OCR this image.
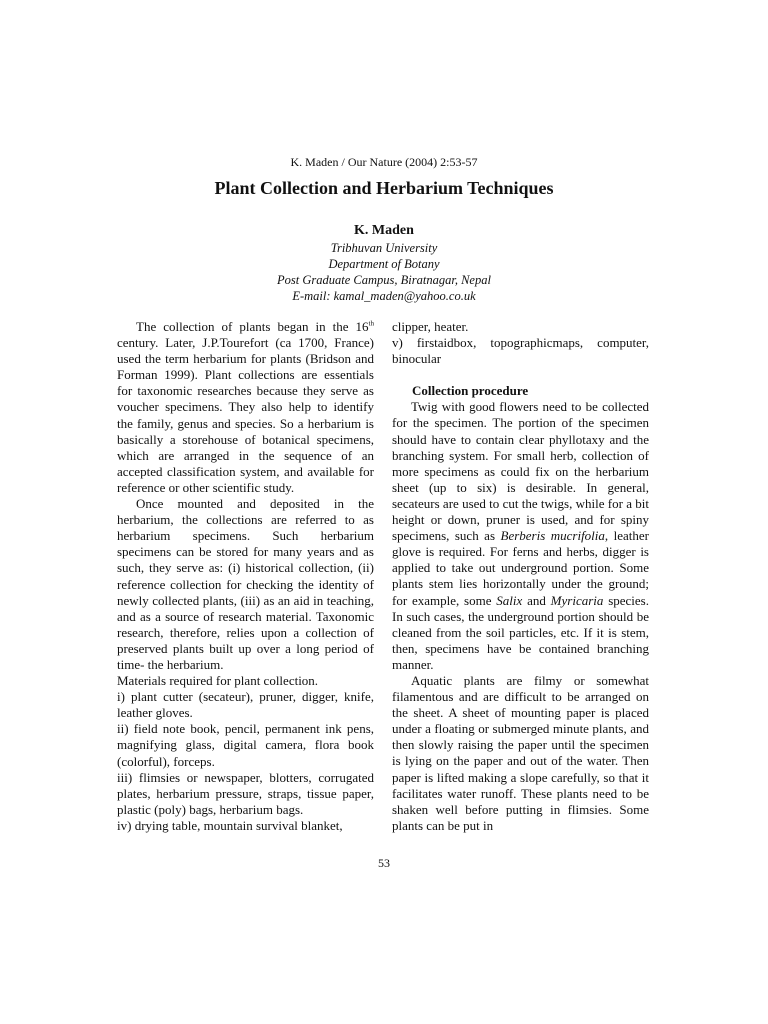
K. Maden / Our Nature (2004) 2:53-57
Plant Collection and Herbarium Techniques
K. Maden
Tribhuvan University
Department of Botany
Post Graduate Campus, Biratnagar, Nepal
E-mail: kamal_maden@yahoo.co.uk

The collection of plants began in the 16th century. Later, J.P.Tourefort (ca 1700, France) used the term herbarium for plants (Bridson and Forman 1999). Plant collections are essentials for taxonomic researches because they serve as voucher specimens. They also help to identify the family, genus and species. So a herbarium is basically a storehouse of botanical specimens, which are arranged in the sequence of an accepted classification system, and available for reference or other scientific study.

Once mounted and deposited in the herbarium, the collections are referred to as herbarium specimens. Such herbarium specimens can be stored for many years and as such, they serve as: (i) historical collection, (ii) reference collection for checking the identity of newly collected plants, (iii) as an aid in teaching, and as a source of research material. Taxonomic research, therefore, relies upon a collection of preserved plants built up over a long period of time- the herbarium.

Materials required for plant collection.

i) plant cutter (secateur), pruner, digger, knife, leather gloves.

ii) field note book, pencil, permanent ink pens, magnifying glass, digital camera, flora book (colorful), forceps.

iii) flimsies or newspaper, blotters, corrugated plates, herbarium pressure, straps, tissue paper, plastic (poly) bags, herbarium bags.

iv) drying table, mountain survival blanket,

clipper, heater.

v) firstaidbox, topographicmaps, computer, binocular

Collection procedure

Twig with good flowers need to be collected for the specimen. The portion of the specimen should have to contain clear phyllotaxy and the branching system. For small herb, collection of more specimens as could fix on the herbarium sheet (up to six) is desirable. In general, secateurs are used to cut the twigs, while for a bit height or down, pruner is used, and for spiny specimens, such as Berberis mucrifolia, leather glove is required. For ferns and herbs, digger is applied to take out underground portion. Some plants stem lies horizontally under the ground; for example, some Salix and Myricaria species. In such cases, the underground portion should be cleaned from the soil particles, etc. If it is stem, then, specimens have be contained branching manner.

Aquatic plants are filmy or somewhat filamentous and are difficult to be arranged on the sheet. A sheet of mounting paper is placed under a floating or submerged minute plants, and then slowly raising the paper until the specimen is lying on the paper and out of the water. Then paper is lifted making a slope carefully, so that it facilitates water runoff. These plants need to be shaken well before putting in flimsies. Some plants can be put in

53
